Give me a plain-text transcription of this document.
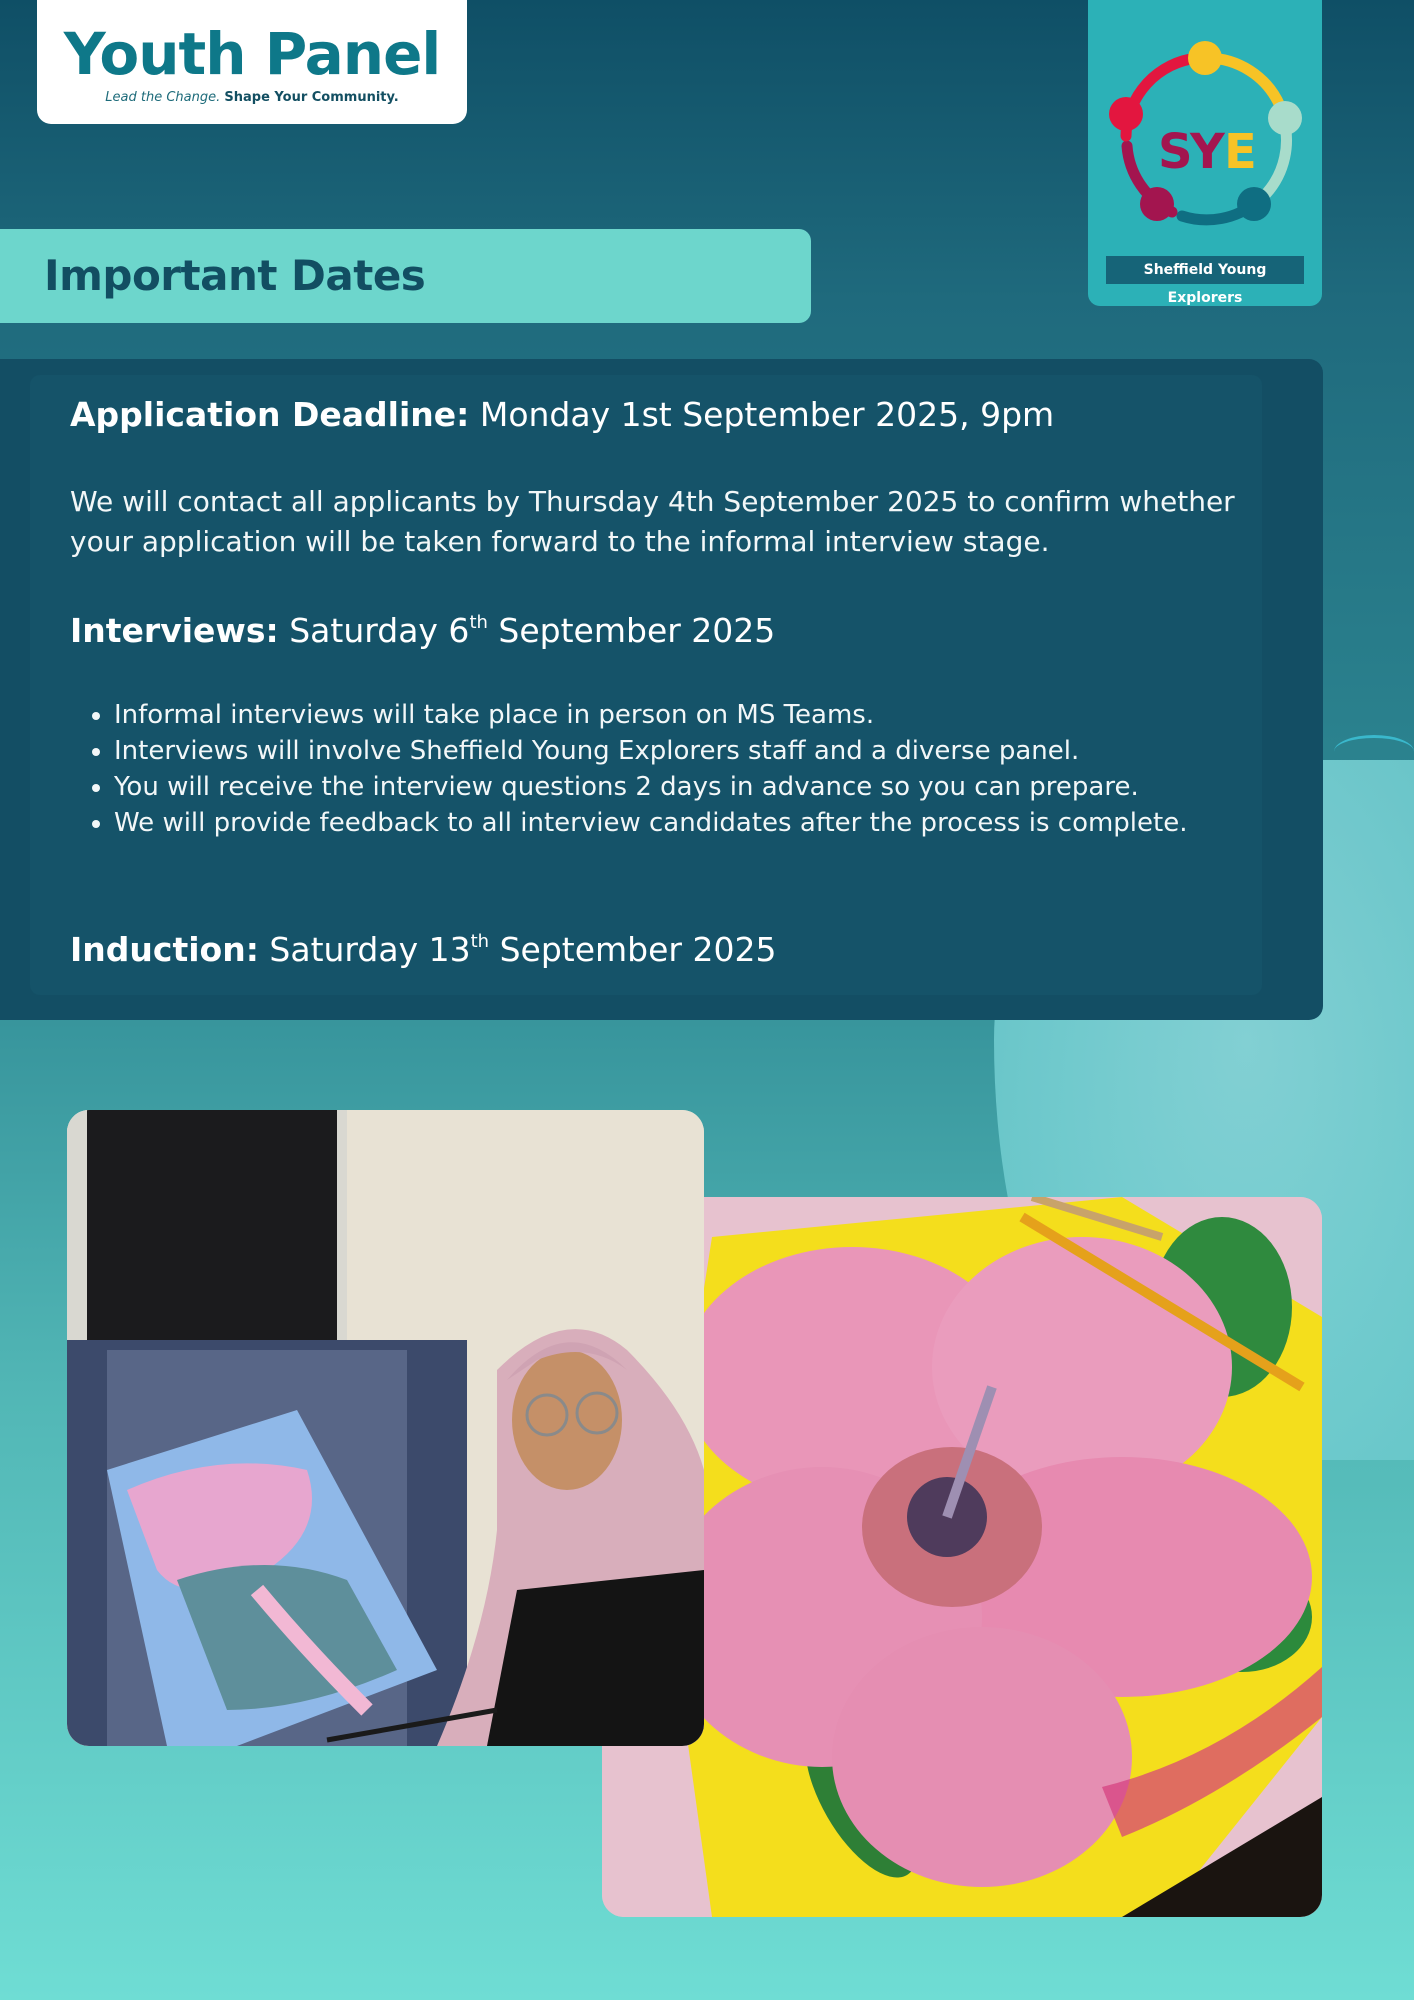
Youth Panel
Lead the Change. Shape Your Community.
S
Y E
Sheffield Young Explorers
Important Dates
Application Deadline: Monday 1st September 2025, 9pm
We will contact all applicants by Thursday 4th September 2025 to confirm whether your application will be taken forward to the informal interview stage.
Interviews: Saturday 6th September 2025
• Informal interviews will take place in person on MS Teams.
• Interviews will involve Sheffield Young Explorers staff and a diverse panel.
• You will receive the interview questions 2 days in advance so you can prepare.
• We will provide feedback to all interview candidates after the process is complete.
Induction: Saturday 13th September 2025
